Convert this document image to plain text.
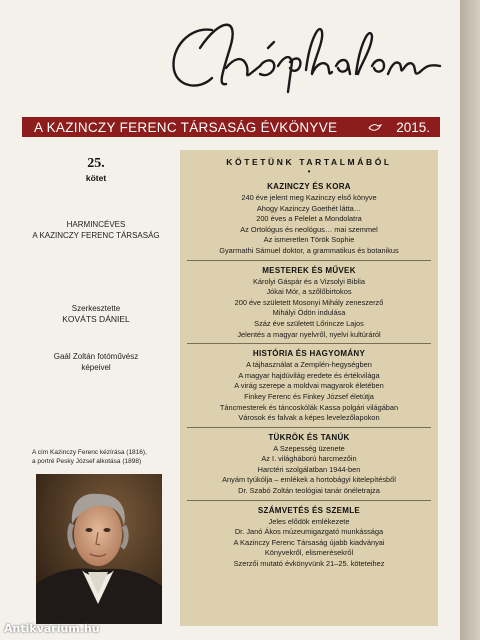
A KAZINCZY FERENC TÁRSASÁG ÉVKÖNYVE	2015.
25.
kötet
HARMINCÉVES
A KAZINCZY FERENC TÁRSASÁG
Szerkesztette
KOVÁTS DÁNIEL
Gaál Zoltán fotóművész
képeivel
A cím Kazinczy Ferenc kézírása (1816),
a portré Pesky József alkotása (1898)
KÖTETÜNK TARTALMÁBÓL
•
KAZINCZY ÉS KORA
240 éve jelent meg Kazinczy első könyve
Ahogy Kazinczy Goethét látta…
200 éves a Felelet a Mondolatra
Az Ortológus és neológus… mai szemmel
Az ismeretlen Török Sophie
Gyarmathi Sámuel doktor, a grammatikus és botanikus
MESTEREK ÉS MŰVEK
Károlyi Gáspár és a Vizsolyi Biblia
Jókai Mór, a szőlőbirtokos
200 éve született Mosonyi Mihály zeneszerző
Mihályi Ödön indulása
Száz éve született Lőrincze Lajos
Jelentés a magyar nyelvről, nyelvi kultúráról
HISTÓRIA ÉS HAGYOMÁNY
A tájhasználat a Zemplén-hegységben
A magyar hajdúvilág eredete és értékvilága
A virág szerepe a moldvai magyarok életében
Finkey Ferenc és Finkey József életútja
Táncmesterek és táncoskólák Kassa polgári világában
Városok és falvak a képes levelezőlapokon
TÜKRÖK ÉS TANÚK
A Szepesség üzenete
Az I. világháború harcmezőin
Harctéri szolgálatban 1944-ben
Anyám tyúkólja – emlékek a hortobágyi kitelepítésből
Dr. Szabó Zoltán teológiai tanár önéletrajza
SZÁMVETÉS ÉS SZEMLE
Jeles elődök emlékezete
Dr. Janó Ákos múzeumigazgató munkássága
A Kazinczy Ferenc Társaság újabb kiadványai
Könyvekről, elismerésekről
Szerzői mutató évkönyvünk 21–25. köteteihez
Antikvarium.hu
